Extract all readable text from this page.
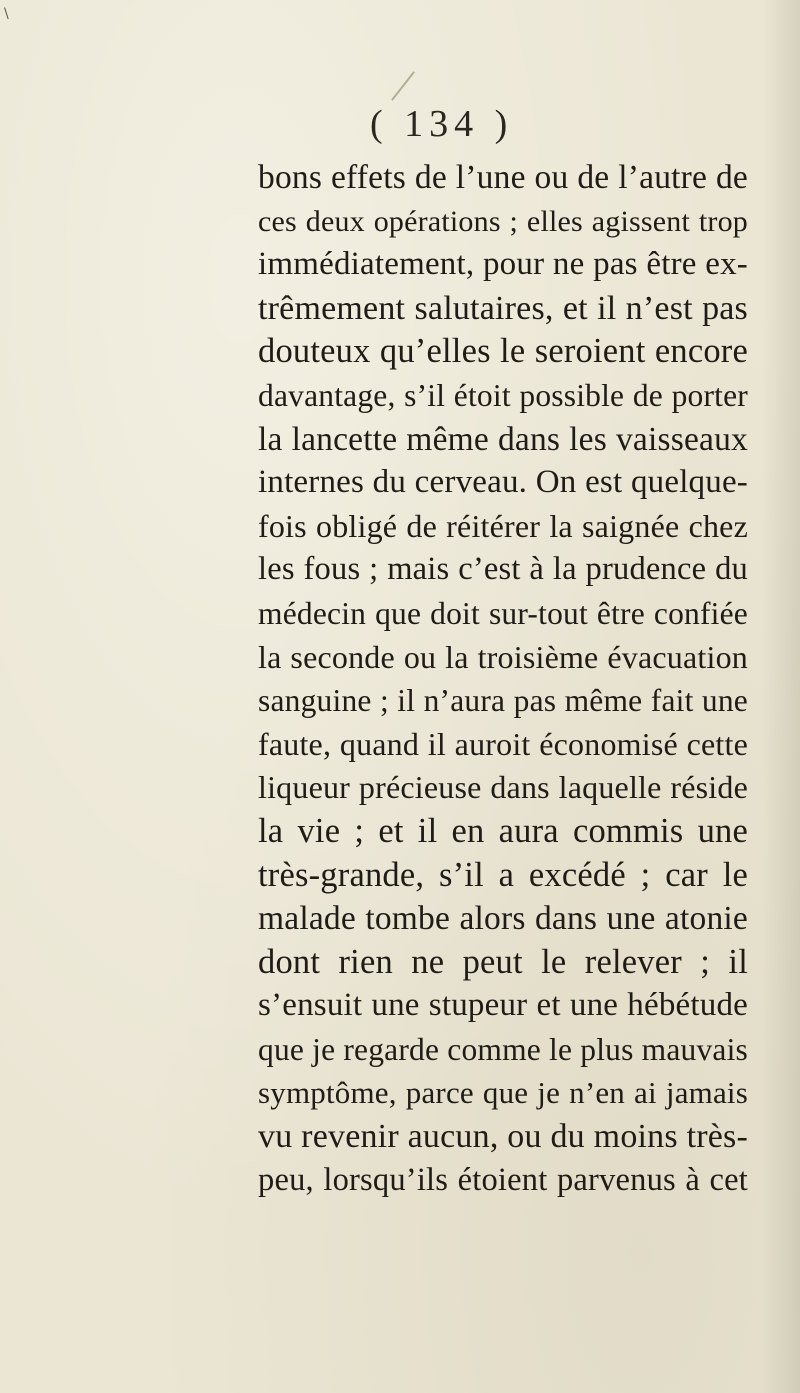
\
( 134 )
bons effets de l’une ou de l’autre de
ces deux opérations ; elles agissent trop
immédiatement, pour ne pas être ex-
trêmement salutaires, et il n’est pas
douteux qu’elles le seroient encore
davantage, s’il étoit possible de porter
la lancette même dans les vaisseaux
internes du cerveau. On est quelque-
fois obligé de réitérer la saignée chez
les fous ; mais c’est à la prudence du
médecin que doit sur-tout être confiée
la seconde ou la troisième évacuation
sanguine ; il n’aura pas même fait une
faute, quand il auroit économisé cette
liqueur précieuse dans laquelle réside
la vie ; et il en aura commis une
très-grande, s’il a excédé ; car le
malade tombe alors dans une atonie
dont rien ne peut le relever ; il
s’ensuit une stupeur et une hébétude
que je regarde comme le plus mauvais
symptôme, parce que je n’en ai jamais
vu revenir aucun, ou du moins très-
peu, lorsqu’ils étoient parvenus à cet
